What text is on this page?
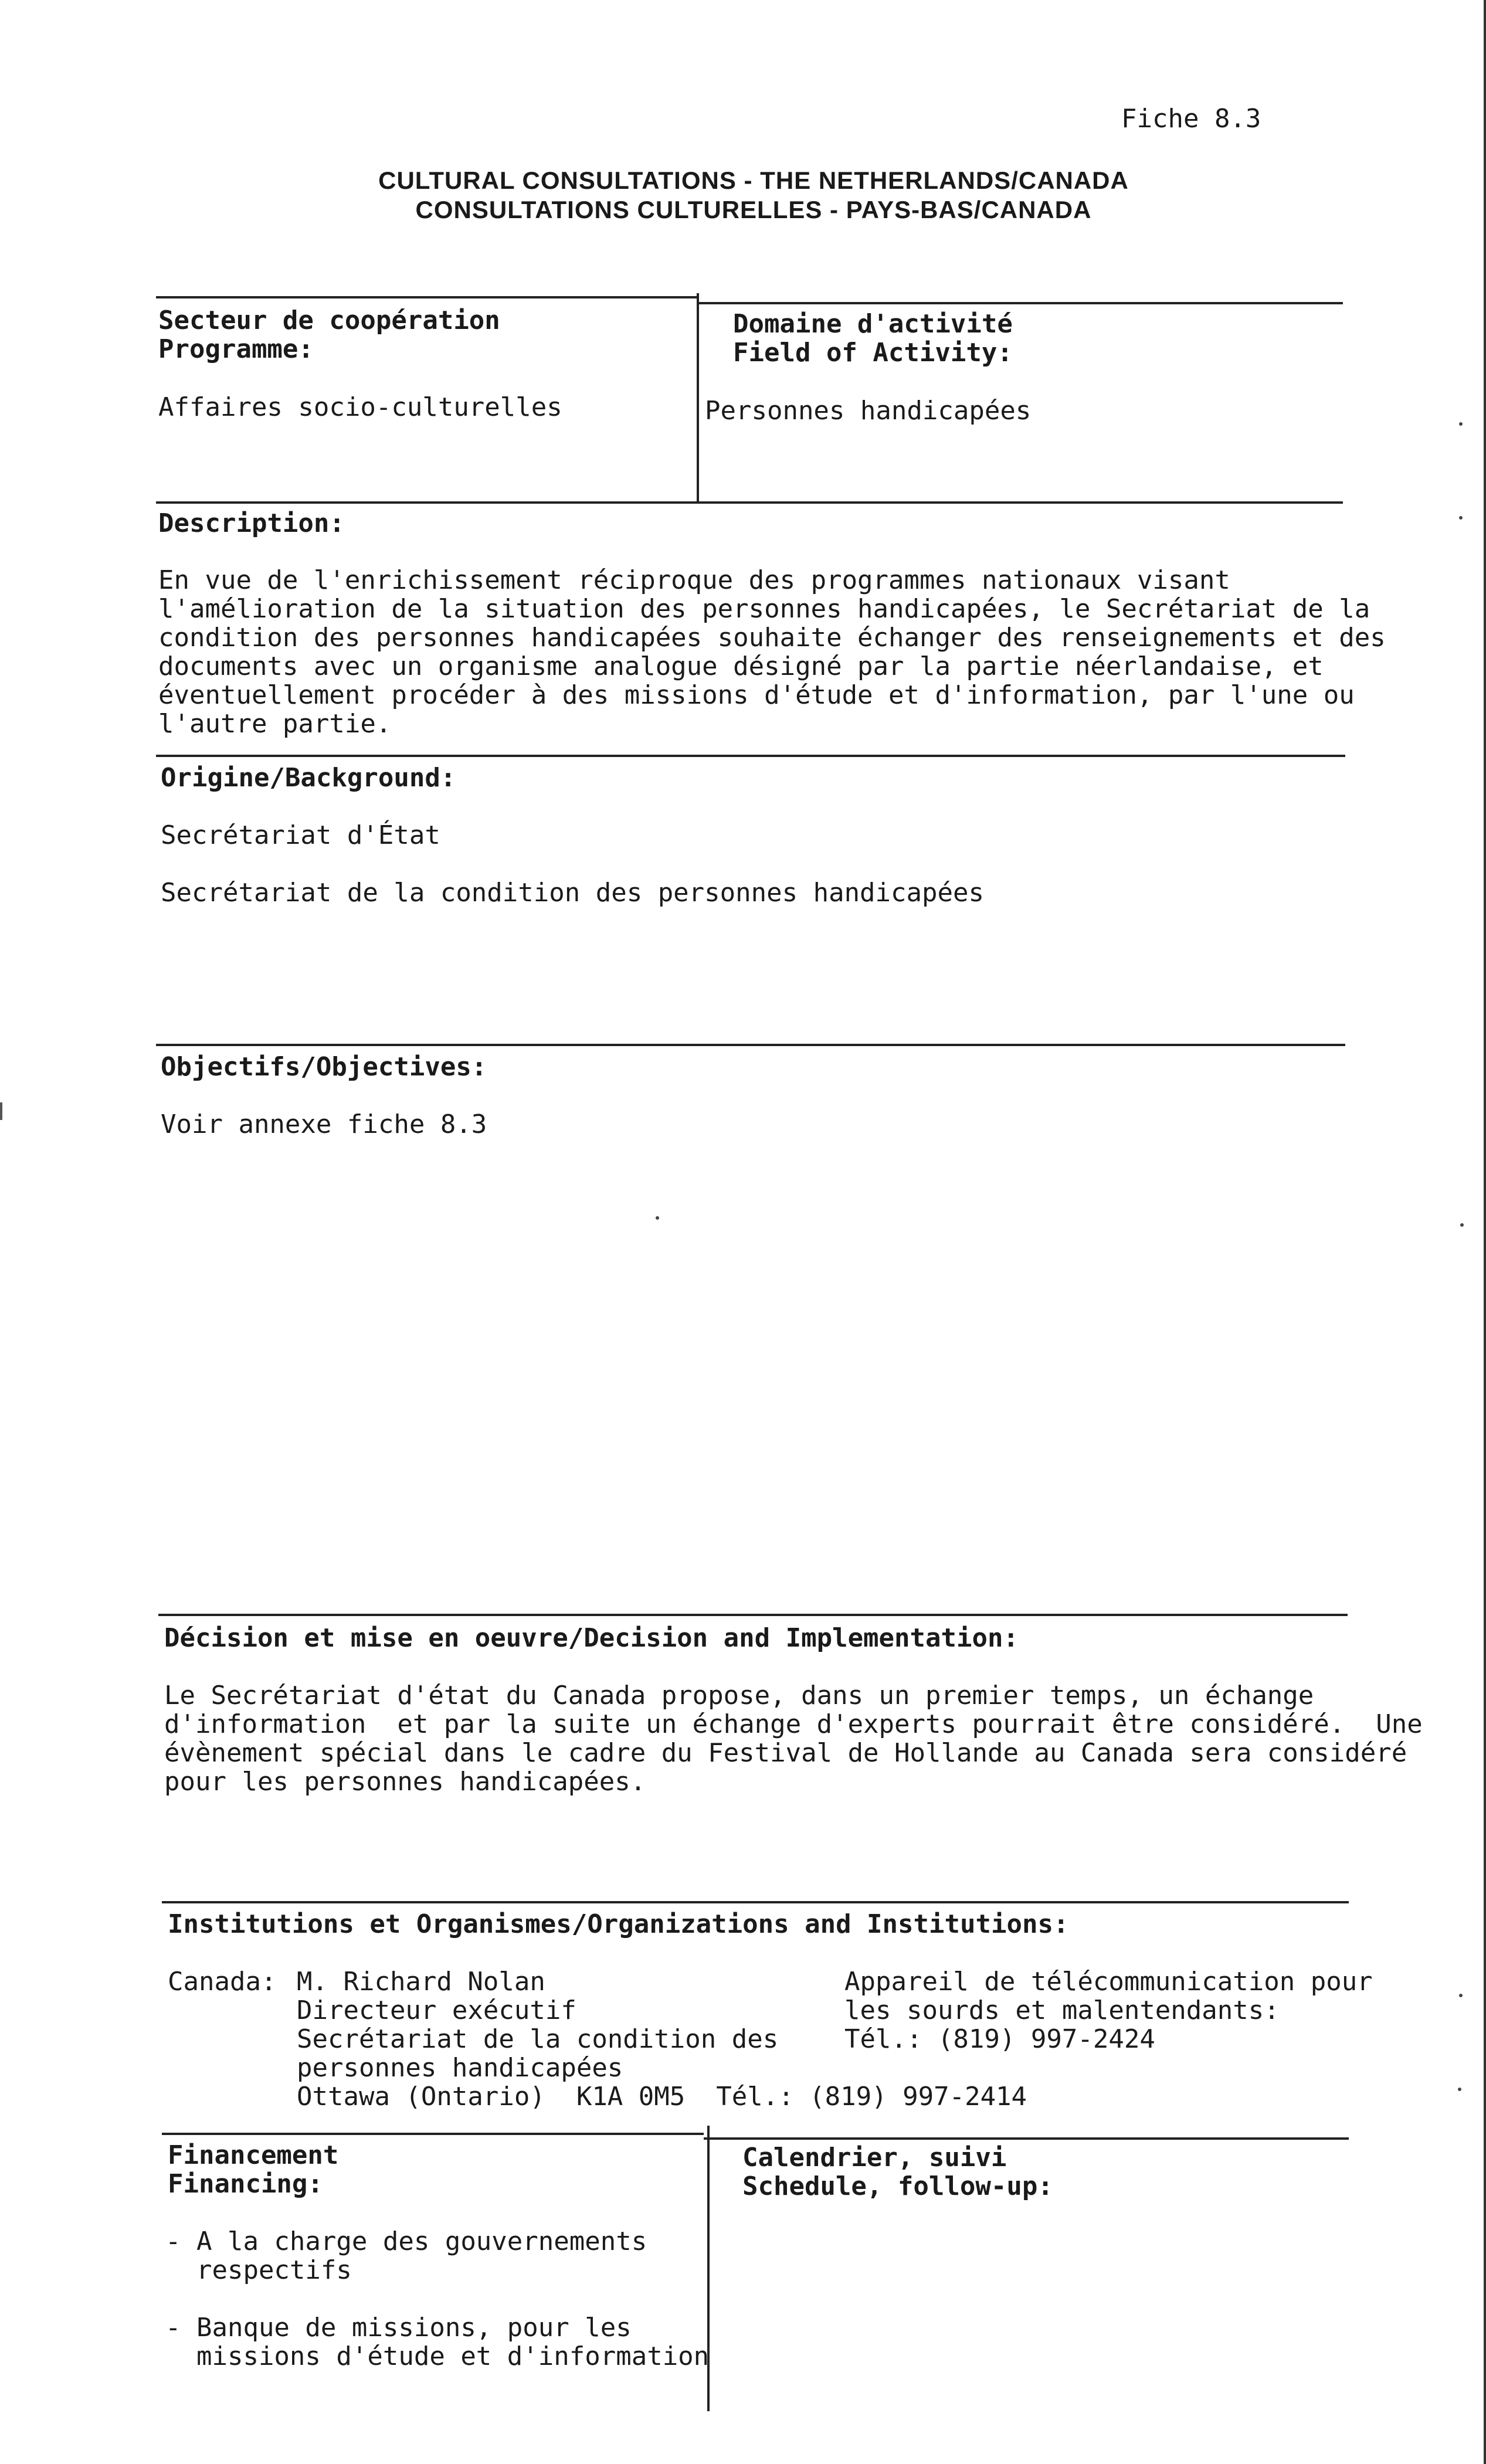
Fiche 8.3
CULTURAL CONSULTATIONS - THE NETHERLANDS/CANADA
CONSULTATIONS CULTURELLES - PAYS-BAS/CANADA
Secteur de coopération
Programme:
Affaires socio-culturelles
Domaine d'activité
Field of Activity:
Personnes handicapées
Description:
En vue de l'enrichissement réciproque des programmes nationaux visant
l'amélioration de la situation des personnes handicapées, le Secrétariat de la
condition des personnes handicapées souhaite échanger des renseignements et des
documents avec un organisme analogue désigné par la partie néerlandaise, et
éventuellement procéder à des missions d'étude et d'information, par l'une ou
l'autre partie.
Origine/Background:
Secrétariat d'État
Secrétariat de la condition des personnes handicapées
Objectifs/Objectives:
Voir annexe fiche 8.3
Décision et mise en oeuvre/Decision and Implementation:
Le Secrétariat d'état du Canada propose, dans un premier temps, un échange
d'information  et par la suite un échange d'experts pourrait être considéré.  Une
évènement spécial dans le cadre du Festival de Hollande au Canada sera considéré
pour les personnes handicapées.
Institutions et Organismes/Organizations and Institutions:
Canada: M. Richard Nolan
Directeur exécutif
Secrétariat de la condition des
personnes handicapées
Ottawa (Ontario)  K1A 0M5  Tél.: (819) 997-2414
Appareil de télécommunication pour
les sourds et malentendants:
Tél.: (819) 997-2424
Financement
Financing:
- A la charge des gouvernements
respectifs
- Banque de missions, pour les
missions d'étude et d'information
Calendrier, suivi
Schedule, follow-up:
